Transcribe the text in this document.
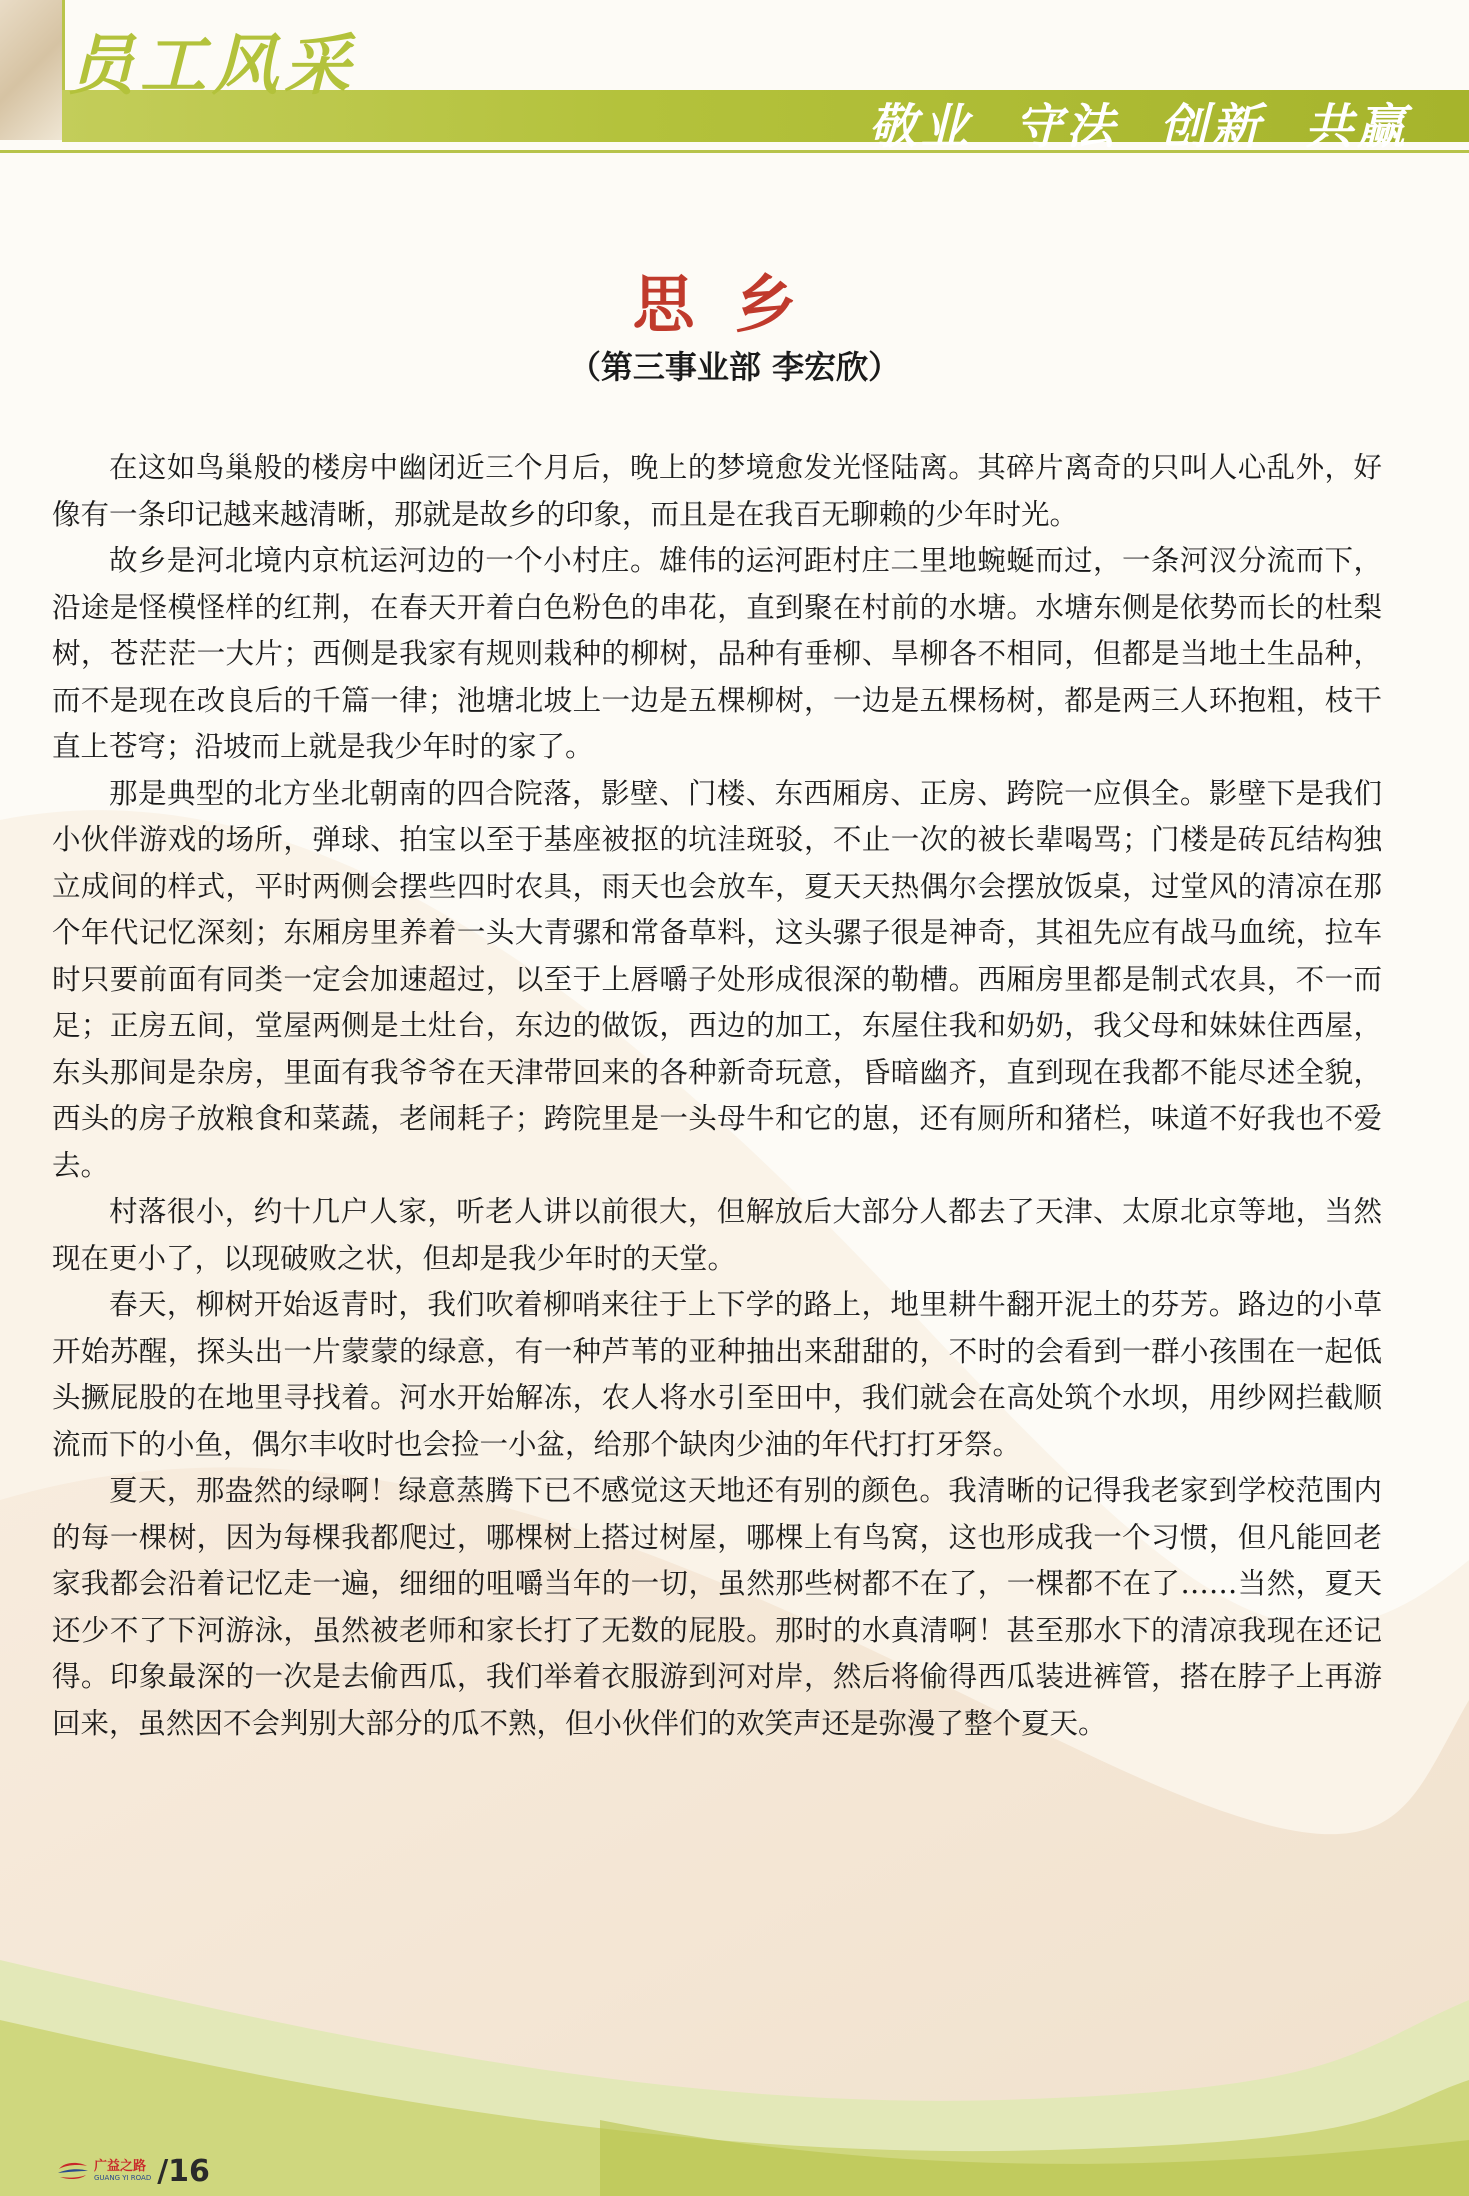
员工风采

敬业  守法  创新  共赢

思乡

（第三事业部 李宏欣）

在这如鸟巢般的楼房中幽闭近三个月后，晚上的梦境愈发光怪陆离。其碎片离奇的只叫人心乱外，好像有一条印记越来越清晰，那就是故乡的印象，而且是在我百无聊赖的少年时光。

故乡是河北境内京杭运河边的一个小村庄。雄伟的运河距村庄二里地蜿蜒而过，一条河汊分流而下，沿途是怪模怪样的红荆，在春天开着白色粉色的串花，直到聚在村前的水塘。水塘东侧是依势而长的杜梨树，苍茫茫一大片；西侧是我家有规则栽种的柳树，品种有垂柳、旱柳各不相同，但都是当地土生品种，而不是现在改良后的千篇一律；池塘北坡上一边是五棵柳树，一边是五棵杨树，都是两三人环抱粗，枝干直上苍穹；沿坡而上就是我少年时的家了。

那是典型的北方坐北朝南的四合院落，影壁、门楼、东西厢房、正房、跨院一应俱全。影壁下是我们小伙伴游戏的场所，弹球、拍宝以至于基座被抠的坑洼斑驳，不止一次的被长辈喝骂；门楼是砖瓦结构独立成间的样式，平时两侧会摆些四时农具，雨天也会放车，夏天天热偶尔会摆放饭桌，过堂风的清凉在那个年代记忆深刻；东厢房里养着一头大青骡和常备草料，这头骡子很是神奇，其祖先应有战马血统，拉车时只要前面有同类一定会加速超过，以至于上唇嚼子处形成很深的勒槽。西厢房里都是制式农具，不一而足；正房五间，堂屋两侧是土灶台，东边的做饭，西边的加工，东屋住我和奶奶，我父母和妹妹住西屋，东头那间是杂房，里面有我爷爷在天津带回来的各种新奇玩意，昏暗幽齐，直到现在我都不能尽述全貌，西头的房子放粮食和菜蔬，老闹耗子；跨院里是一头母牛和它的崽，还有厕所和猪栏，味道不好我也不爱去。

村落很小，约十几户人家，听老人讲以前很大，但解放后大部分人都去了天津、太原北京等地，当然现在更小了，以现破败之状，但却是我少年时的天堂。

春天，柳树开始返青时，我们吹着柳哨来往于上下学的路上，地里耕牛翻开泥土的芬芳。路边的小草开始苏醒，探头出一片蒙蒙的绿意，有一种芦苇的亚种抽出来甜甜的，不时的会看到一群小孩围在一起低头撅屁股的在地里寻找着。河水开始解冻，农人将水引至田中，我们就会在高处筑个水坝，用纱网拦截顺流而下的小鱼，偶尔丰收时也会捡一小盆，给那个缺肉少油的年代打打牙祭。

夏天，那盎然的绿啊！绿意蒸腾下已不感觉这天地还有别的颜色。我清晰的记得我老家到学校范围内的每一棵树，因为每棵我都爬过，哪棵树上搭过树屋，哪棵上有鸟窝，这也形成我一个习惯，但凡能回老家我都会沿着记忆走一遍，细细的咀嚼当年的一切，虽然那些树都不在了，一棵都不在了……当然，夏天还少不了下河游泳，虽然被老师和家长打了无数的屁股。那时的水真清啊！甚至那水下的清凉我现在还记得。印象最深的一次是去偷西瓜，我们举着衣服游到河对岸，然后将偷得西瓜装进裤管，搭在脖子上再游回来，虽然因不会判别大部分的瓜不熟，但小伙伴们的欢笑声还是弥漫了整个夏天。

广益之路
GUANG YI ROAD /16
